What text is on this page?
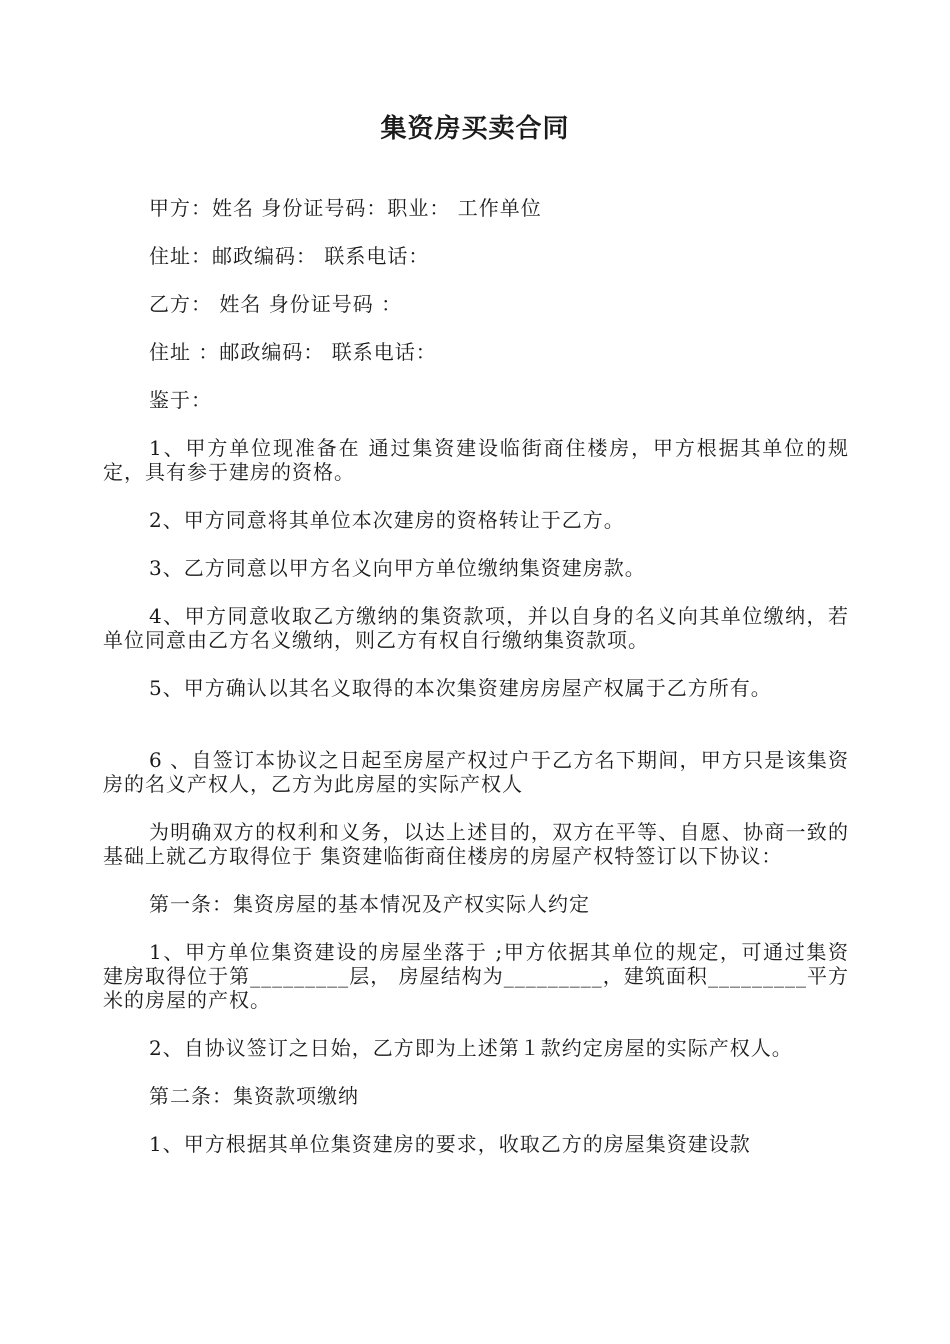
集资房买卖合同

甲方：姓名 身份证号码：职业： 工作单位

住址：邮政编码： 联系电话：

乙方： 姓名 身份证号码 ：

住址 ：邮政编码： 联系电话：

鉴于：

1、甲方单位现准备在 通过集资建设临街商住楼房，甲方根据其单位的规定，具有参于建房的资格。

2、甲方同意将其单位本次建房的资格转让于乙方。

3、乙方同意以甲方名义向甲方单位缴纳集资建房款。

4、甲方同意收取乙方缴纳的集资款项，并以自身的名义向其单位缴纳，若单位同意由乙方名义缴纳，则乙方有权自行缴纳集资款项。

5、甲方确认以其名义取得的本次集资建房房屋产权属于乙方所有。

6 、自签订本协议之日起至房屋产权过户于乙方名下期间，甲方只是该集资房的名义产权人，乙方为此房屋的实际产权人

为明确双方的权利和义务，以达上述目的，双方在平等、自愿、协商一致的基础上就乙方取得位于 集资建临街商住楼房的房屋产权特签订以下协议：

第一条：集资房屋的基本情况及产权实际人约定

1、甲方单位集资建设的房屋坐落于 ;甲方依据其单位的规定，可通过集资建房取得位于第_________层， 房屋结构为_________，建筑面积_________平方米的房屋的产权。

2、自协议签订之日始，乙方即为上述第１款约定房屋的实际产权人。

第二条：集资款项缴纳

1、甲方根据其单位集资建房的要求，收取乙方的房屋集资建设款
